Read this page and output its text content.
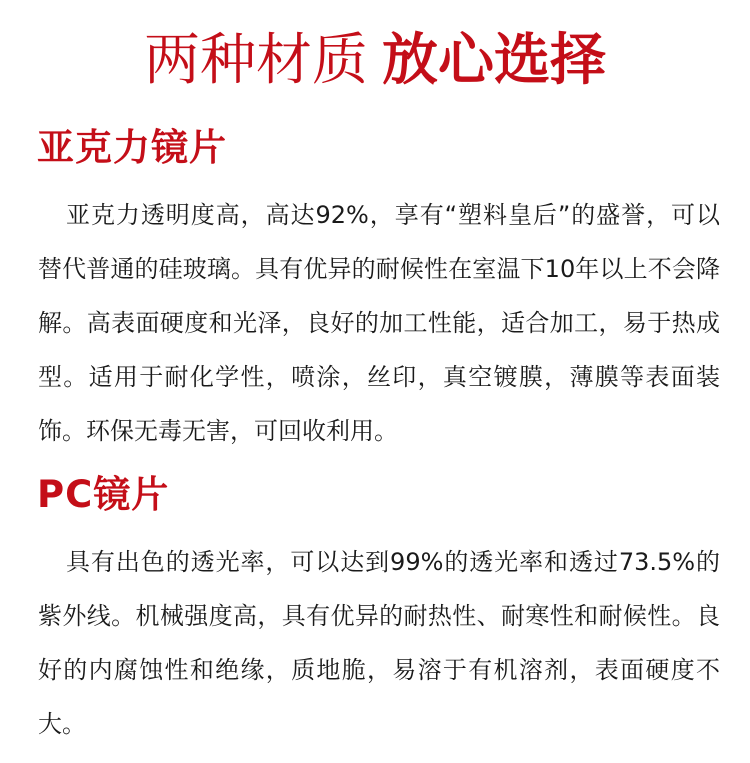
两种材质 放心选择
亚克力镜片
亚克力透明度高，高达92%，享有“塑料皇后”的盛誉，可以替代普通的硅玻璃。具有优异的耐候性在室温下10年以上不会降解。高表面硬度和光泽，良好的加工性能，适合加工，易于热成型。适用于耐化学性，喷涂，丝印，真空镀膜，薄膜等表面装饰。环保无毒无害，可回收利用。
PC镜片
具有出色的透光率，可以达到99%的透光率和透过73.5%的紫外线。机械强度高，具有优异的耐热性、耐寒性和耐候性。良好的内腐蚀性和绝缘，质地脆，易溶于有机溶剂，表面硬度不大。
